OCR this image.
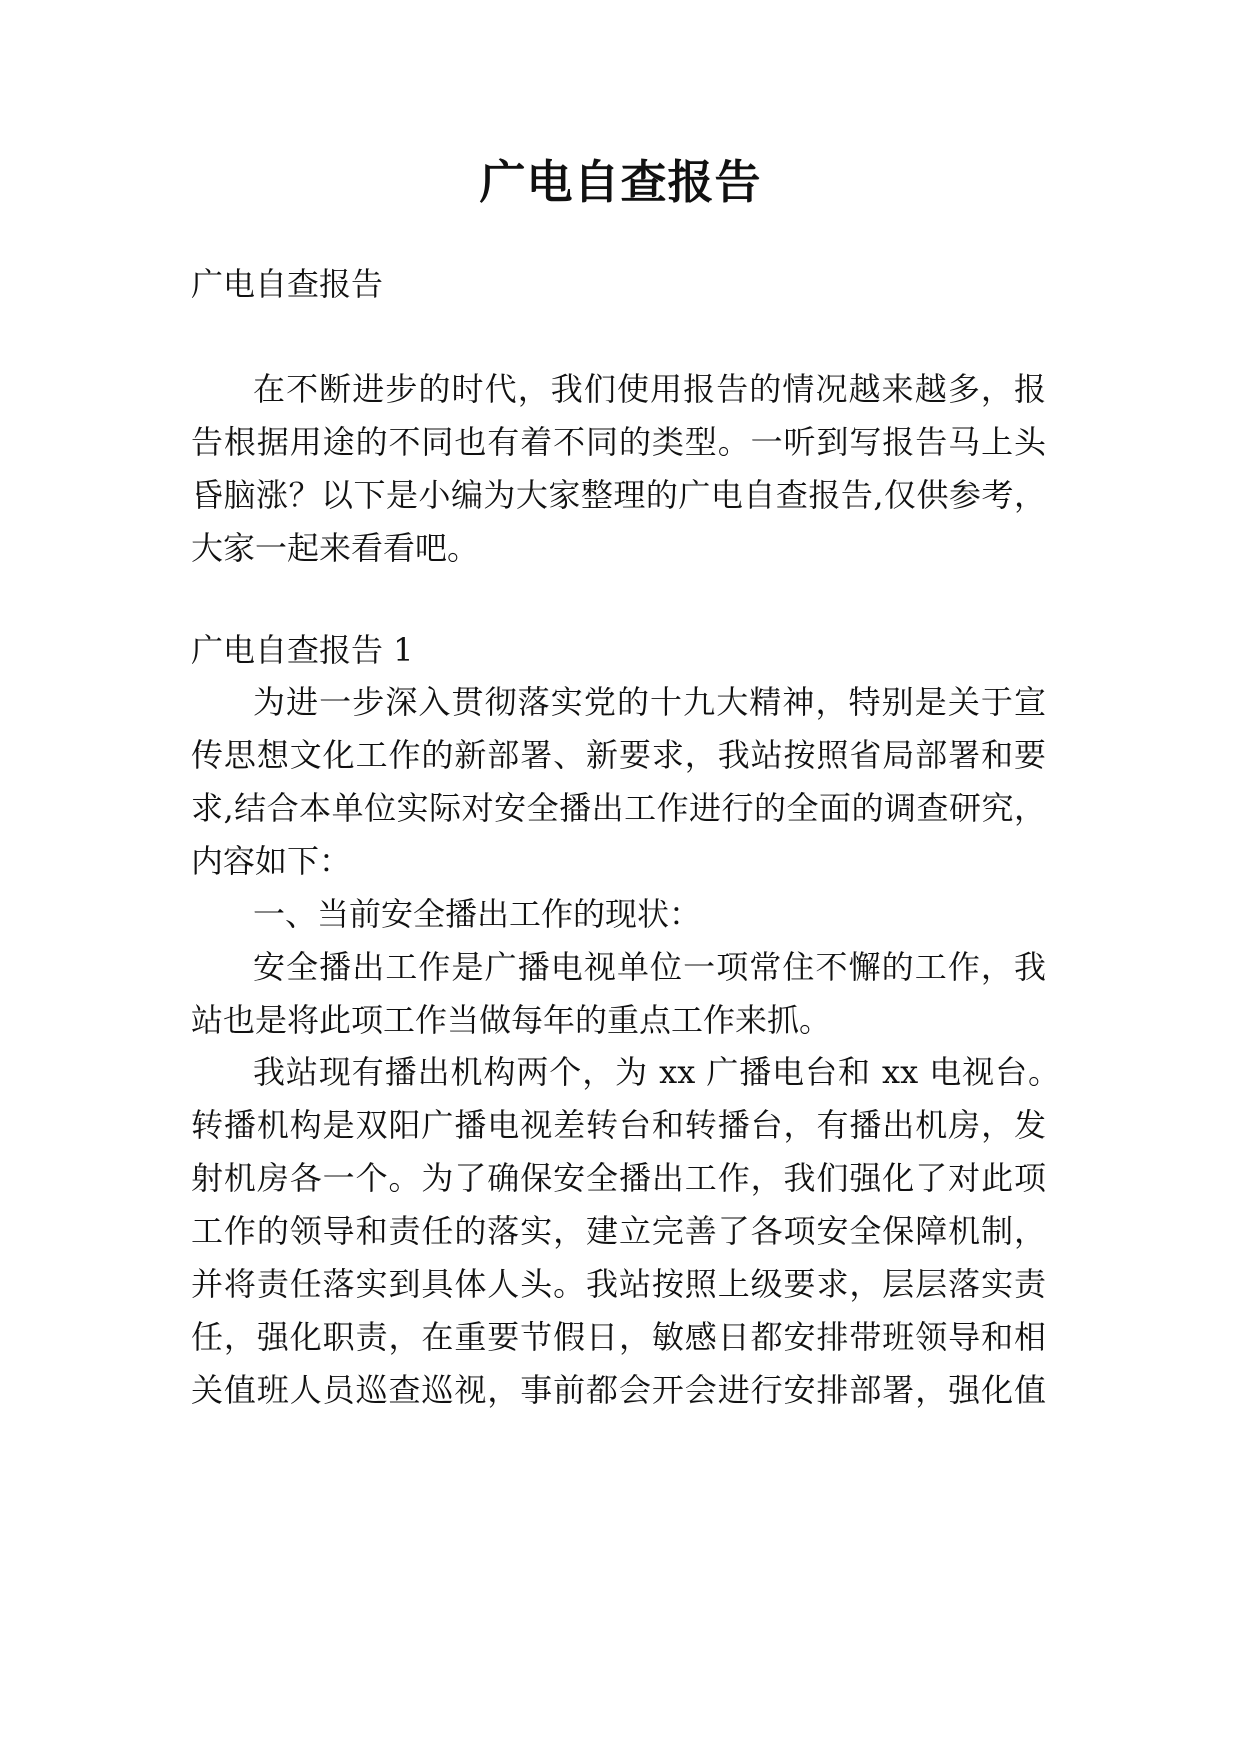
广电自查报告

广电自查报告

在不断进步的时代，我们使用报告的情况越来越多，报

告根据用途的不同也有着不同的类型。一听到写报告马上头

昏脑涨？以下是小编为大家整理的广电自查报告,仅供参考，

大家一起来看看吧。

广电自查报告 1

为进一步深入贯彻落实党的十九大精神，特别是关于宣

传思想文化工作的新部署、新要求，我站按照省局部署和要

求,结合本单位实际对安全播出工作进行的全面的调查研究，

内容如下：

一、当前安全播出工作的现状：

安全播出工作是广播电视单位一项常住不懈的工作，我

站也是将此项工作当做每年的重点工作来抓。

我站现有播出机构两个，为 xx 广播电台和 xx 电视台。

转播机构是双阳广播电视差转台和转播台，有播出机房，发

射机房各一个。为了确保安全播出工作，我们强化了对此项

工作的领导和责任的落实，建立完善了各项安全保障机制，

并将责任落实到具体人头。我站按照上级要求，层层落实责

任，强化职责，在重要节假日，敏感日都安排带班领导和相

关值班人员巡查巡视，事前都会开会进行安排部署，强化值
